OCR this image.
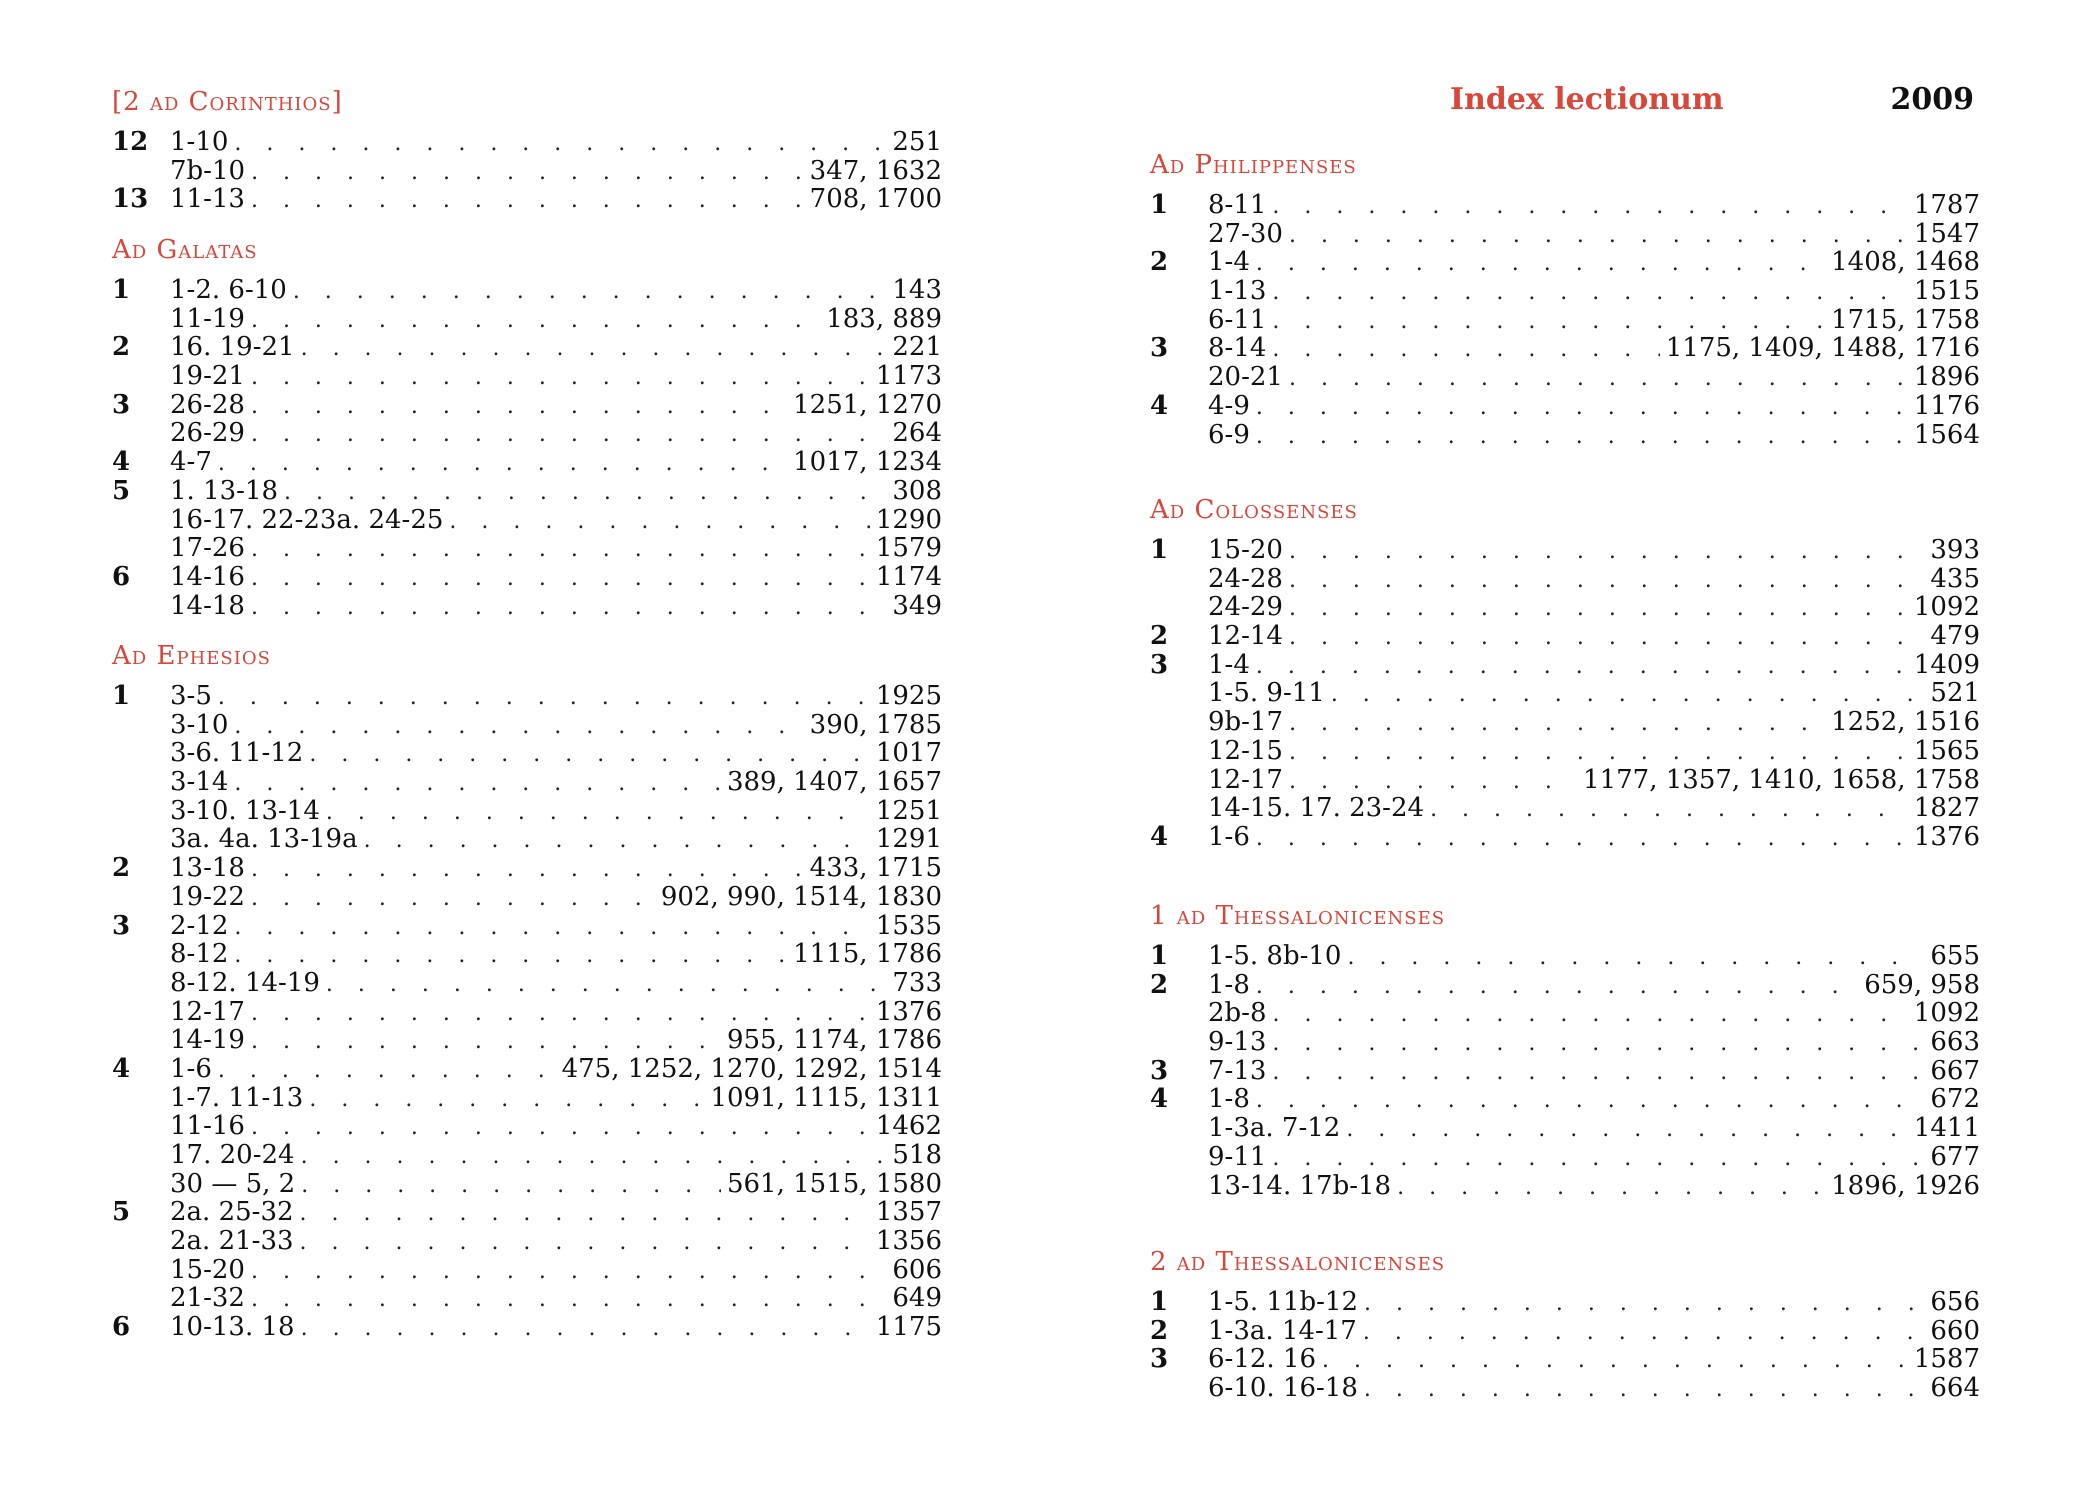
Index lectionum	2009
[2 ad Corinthios]
12 1-10 . . .	251
7b-10 . . .	347, 1632
13 11-13 . . .	708, 1700
Ad Galatas
1	1-2. 6-10 . . .	143
11-19 . . .	183, 889
2	16. 19-21 . . .	221
19-21 . . .	1173
3	26-28 . . .	1251, 1270
26-29 . . .	264
4	4-7 . . .	1017, 1234
5	1. 13-18 . . .	308
16-17. 22-23a. 24-25 . . .	1290
17-26 . . .	1579
6	14-16 . . .	1174
14-18 . . .	349
Ad Ephesios
1	3-5 . . .	1925
3-10 . . .	390, 1785
3-6. 11-12 . . .	1017
3-14 . . .	389, 1407, 1657
3-10. 13-14 . . .	1251
3a. 4a. 13-19a . . .	1291
2	13-18 . . .	433, 1715
19-22 . . .	902, 990, 1514, 1830
3	2-12 . . .	1535
8-12 . . .	1115, 1786
8-12. 14-19 . . .	733
12-17 . . .	1376
14-19 . . .	955, 1174, 1786
4	1-6 . . .	475, 1252, 1270, 1292, 1514
1-7. 11-13 . . .	1091, 1115, 1311
11-16 . . .	1462
17. 20-24 . . .	518
30 — 5, 2 . . .	561, 1515, 1580
5	2a. 25-32 . . .	1357
2a. 21-33 . . .	1356
15-20 . . .	606
21-32 . . .	649
6	10-13. 18 . . .	1175
Ad Philippenses
1	8-11 . . .	1787
27-30 . . .	1547
2	1-4 . . .	1408, 1468
1-13 . . .	1515
6-11 . . .	1715, 1758
3	8-14 . . .	1175, 1409, 1488, 1716
20-21 . . .	1896
4	4-9 . . .	1176
6-9 . . .	1564
Ad Colossenses
1	15-20 . . .	393
24-28 . . .	435
24-29 . . .	1092
2	12-14 . . .	479
3	1-4 . . .	1409
1-5. 9-11 . . .	521
9b-17 . . .	1252, 1516
12-15 . . .	1565
12-17 . . .	1177, 1357, 1410, 1658, 1758
14-15. 17. 23-24 . . .	1827
4	1-6 . . .	1376
1 ad Thessalonicenses
1	1-5. 8b-10 . . .	655
2	1-8 . . .	659, 958
2b-8 . . .	1092
9-13 . . .	663
3	7-13 . . .	667
4	1-8 . . .	672
1-3a. 7-12 . . .	1411
9-11 . . .	677
13-14. 17b-18 . . .	1896, 1926
2 ad Thessalonicenses
1	1-5. 11b-12 . . .	656
2	1-3a. 14-17 . . .	660
3	6-12. 16 . . .	1587
6-10. 16-18 . . .	664
